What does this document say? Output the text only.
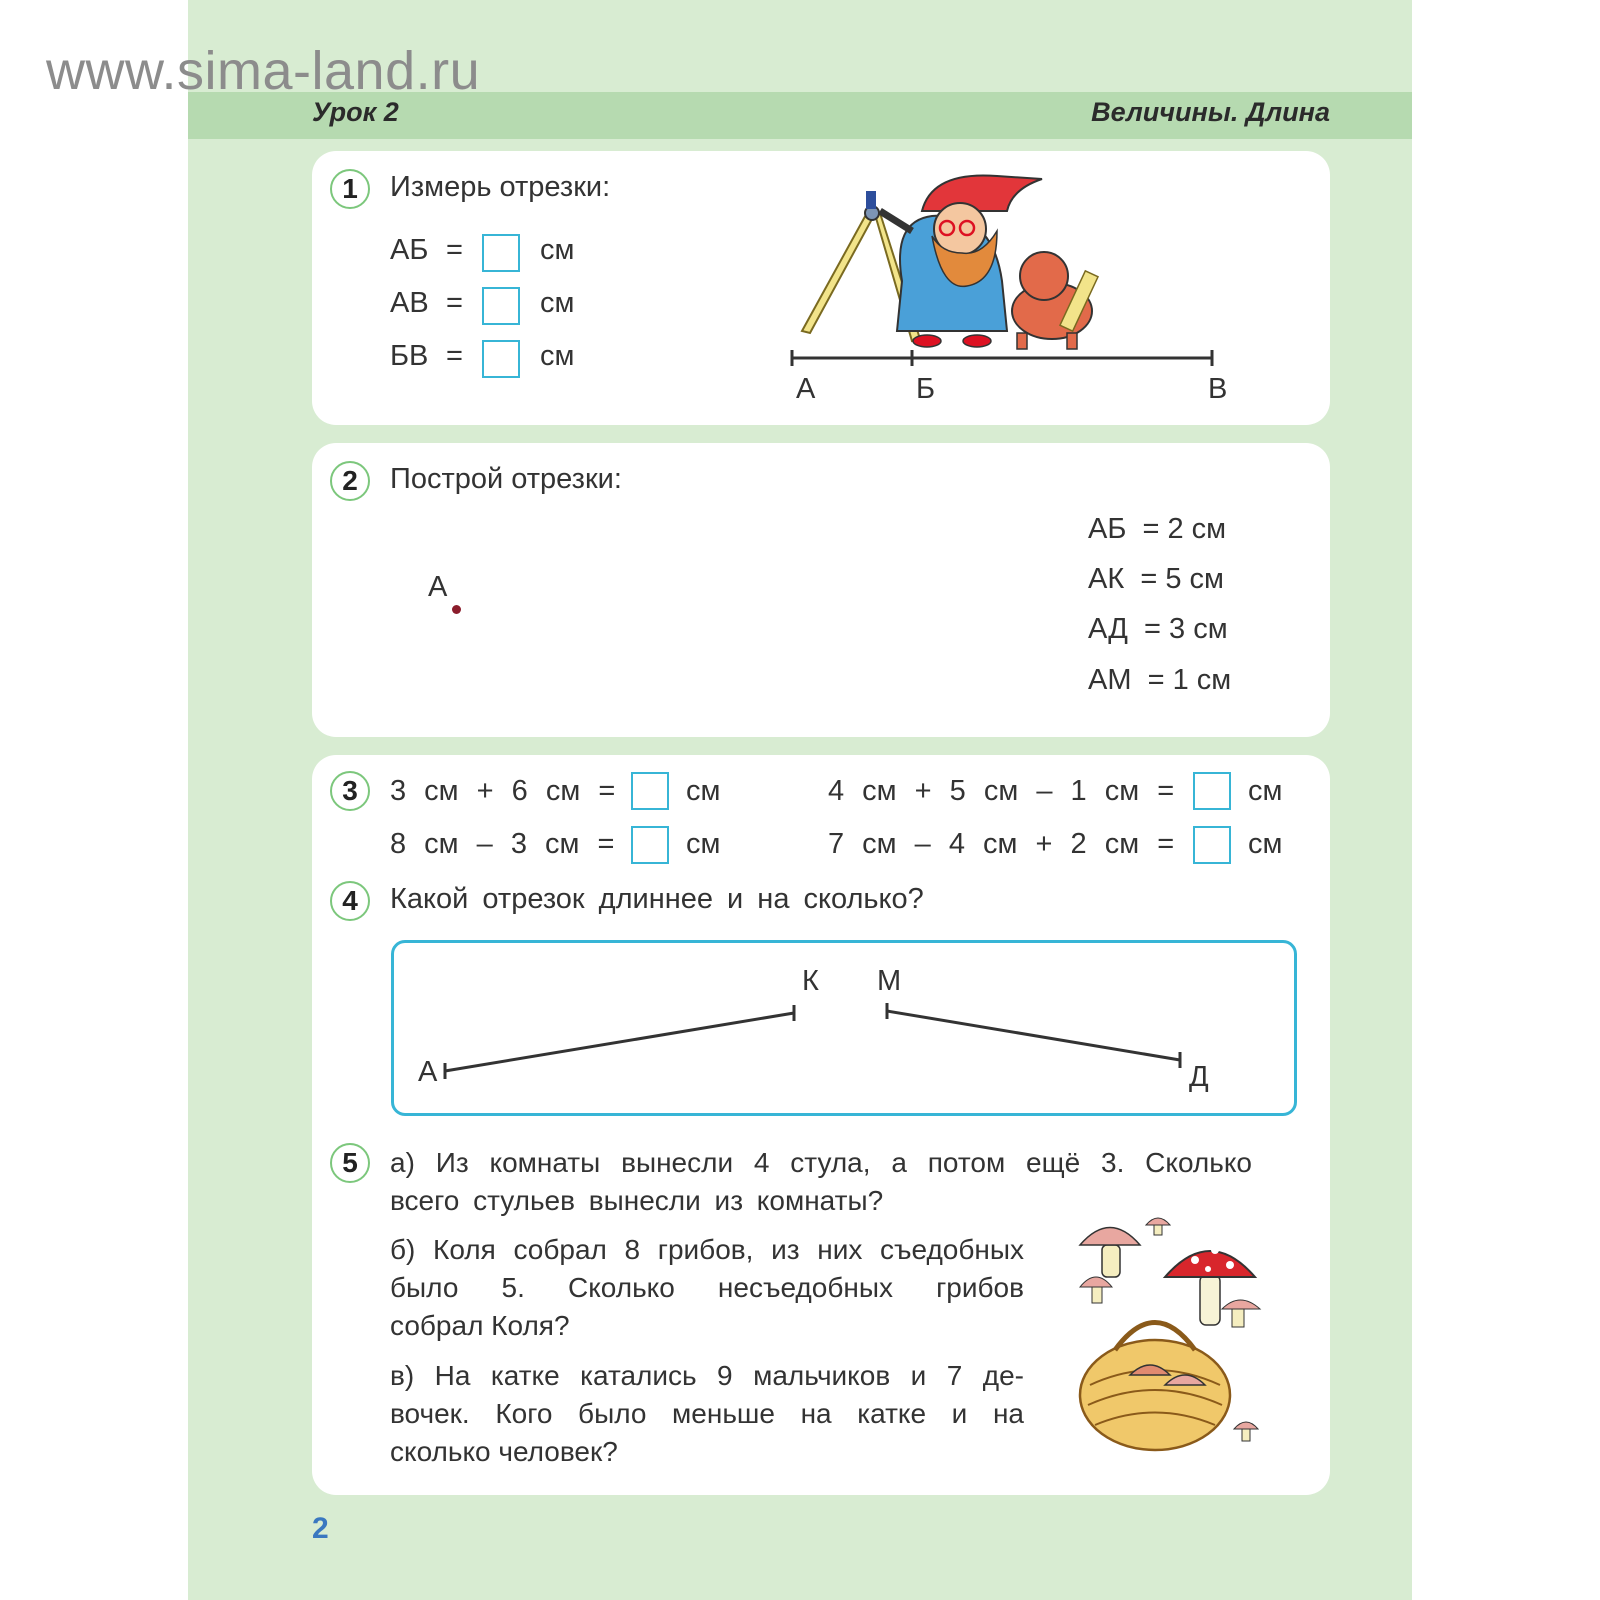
www.sima-land.ru
Урок 2	Величины. Длина
1	Измерь отрезки:
АБ =	см
АВ =	см
БВ =	см
А	Б	В
2	Построй отрезки:
А
АБ  = 2 см
АК  = 5 см
АД  = 3 см
АМ  = 1 см
3	3 см + 6 см = см
8 см – 3 см = см
4 см + 5 см – 1 см =	см
7 см – 4 см + 2 см =	см
4	Какой отрезок длиннее и на сколько?
А
К М
Д
5	а) Из комнаты вынесли 4 стула, а потом ещё 3. Сколько
всего стульев вынесли из комнаты?
б) Коля собрал 8 грибов, из них съедобных
было 5. Сколько несъедобных грибов
собрал Коля?
в) На катке катались 9 мальчиков и 7 де-
вочек. Кого было меньше на катке и на
сколько человек?
2
